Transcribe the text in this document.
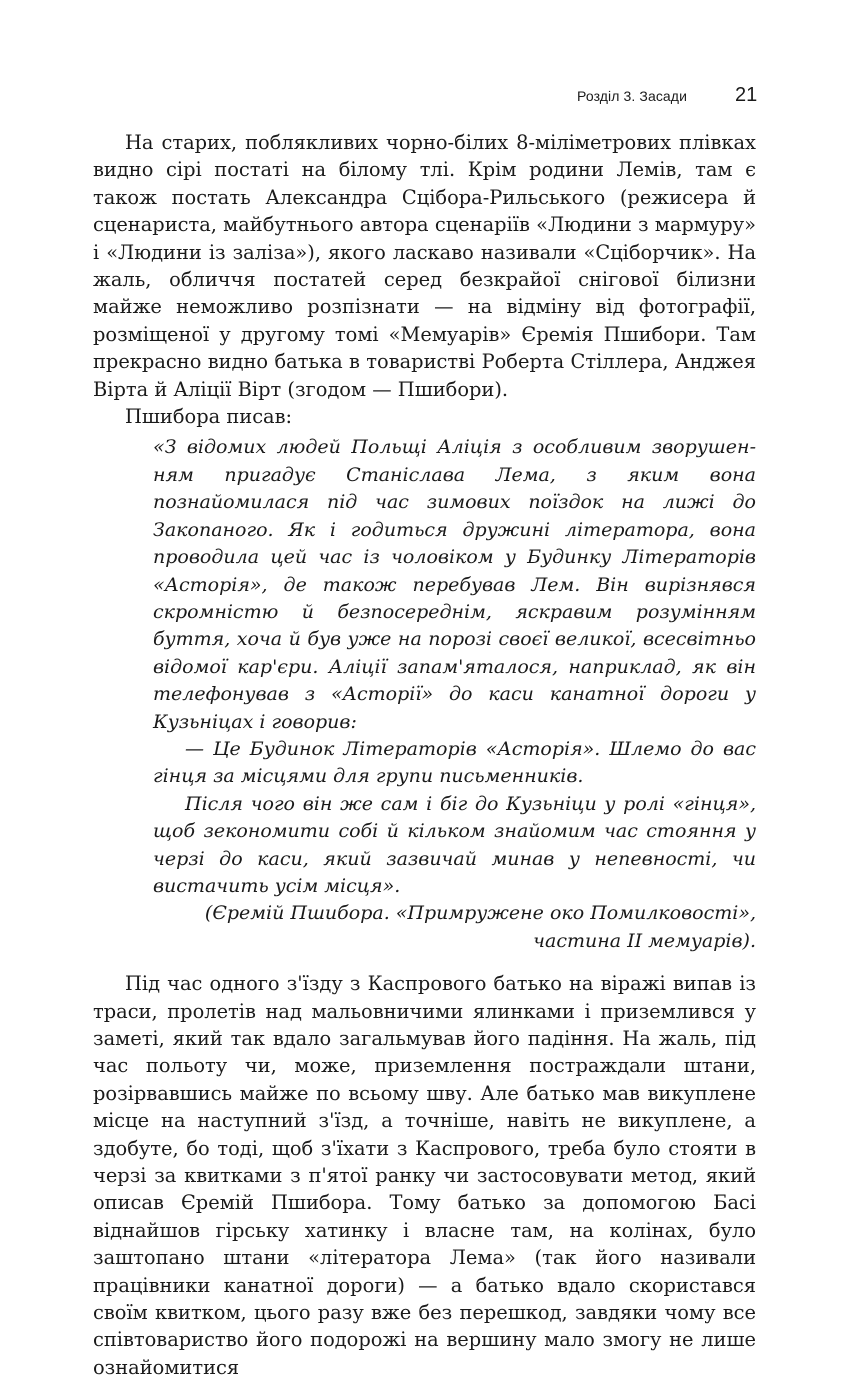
Розділ 3. Засади 21

На старих, поблякливих чорно-білих 8-міліметрових плівках видно сірі постаті на білому тлі. Крім родини Лемів, там є також постать Александра Сціборa-Рильського (режисера й сценариста, майбутнього автора сценаріїв «Людини з мармуру» і «Людини із заліза»), якого ласкаво називали «Сціборчик». На жаль, обличчя постатей серед безкрайої снігової білизни майже неможливо розпізнати — на відміну від фотографії, розміщеної у другому томі «Мемуарів» Єремія Пшибори. Там прекрасно видно батька в товаристві Роберта Стіллера, Анджея Вірта й Аліції Вірт (згодом — Пшибори).

Пшибора писав:

«З відомих людей Польщі Аліція з особливим зворушенням пригадує Станіслава Лема, з яким вона познайомилася під час зимових поїздок на лижі до Закопаного. Як і годиться дружині літератора, вона проводила цей час із чоловіком у Будинку Літераторів «Асторія», де також перебував Лем. Він вирізнявся скромністю й безпосереднім, яскравим розумінням буття, хоча й був уже на порозі своєї великої, всесвітньо відомої кар'єри. Аліції запам'яталося, наприклад, як він телефонував з «Асторії» до каси канатної дороги у Кузьніцах і говорив:

— Це Будинок Літераторів «Асторія». Шлемо до вас гінця за місцями для групи письменників.

Після чого він же сам і біг до Кузьніци у ролі «гінця», щоб зекономити собі й кільком знайомим час стояння у черзі до каси, який зазвичай минав у непевності, чи вистачить усім місця».

(Єремій Пшибора. «Примружене око Помилковості»,

частина II мемуарів).

Під час одного з'їзду з Каспрового батько на віражі випав із траси, пролетів над мальовничими ялинками і приземлився у заметі, який так вдало загальмував його падіння. На жаль, під час польоту чи, може, приземлення постраждали штани, розірвавшись майже по всьому шву. Але батько мав викуплене місце на наступний з'їзд, а точніше, навіть не викуплене, а здобуте, бо тоді, щоб з'їхати з Каспрового, треба було стояти в черзі за квитками з п'ятої ранку чи застосовувати метод, який описав Єремій Пшибора. Тому батько за допомогою Басі віднайшов гірську хатинку і власне там, на колінах, було заштопано штани «літератора Лема» (так його називали працівники канатної дороги) — а батько вдало скористався своїм квитком, цього разу вже без перешкод, завдяки чому все співтовариство його подорожі на вершину мало змогу не лише ознайомитися
